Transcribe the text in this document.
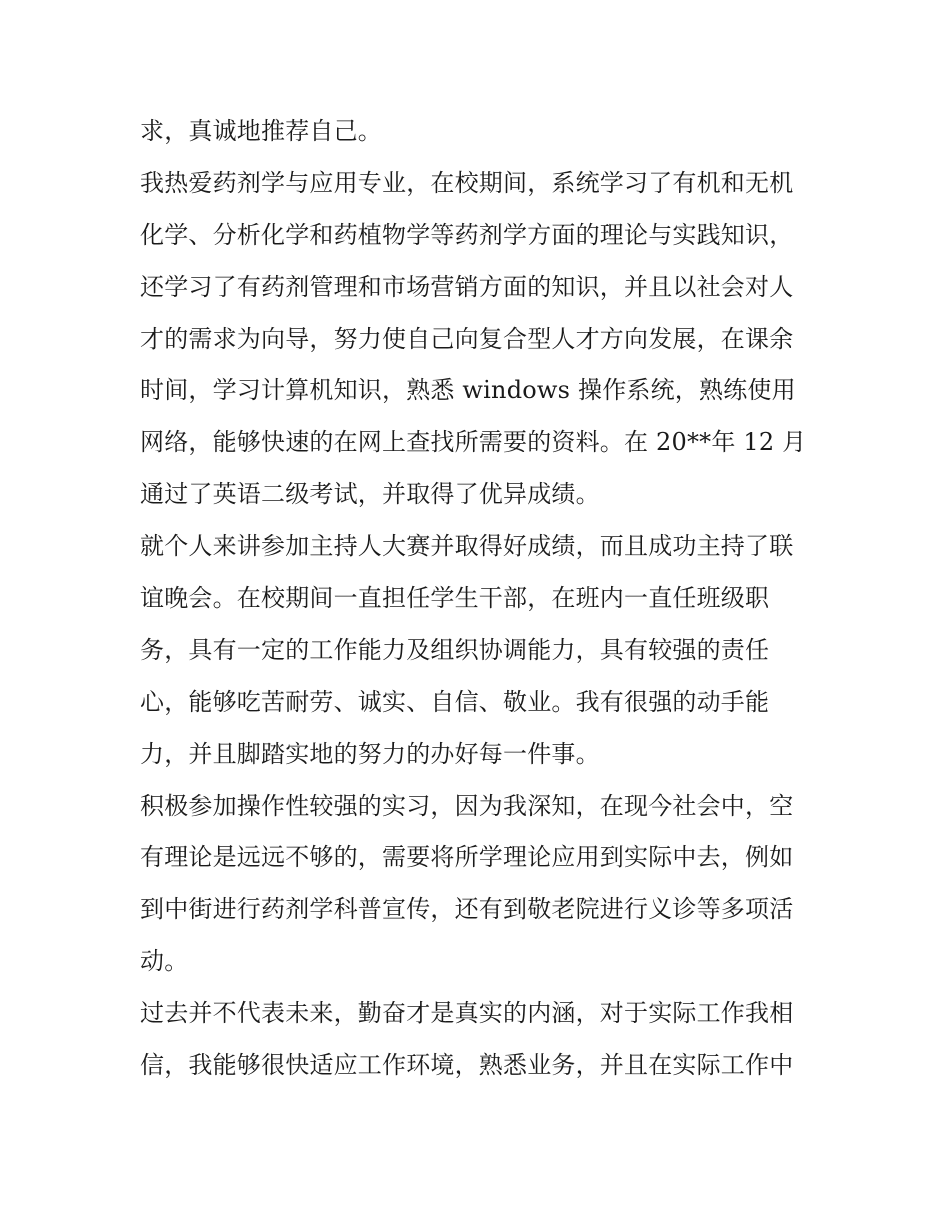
求，真诚地推荐自己。
我热爱药剂学与应用专业，在校期间，系统学习了有机和无机
化学、分析化学和药植物学等药剂学方面的理论与实践知识，
还学习了有药剂管理和市场营销方面的知识，并且以社会对人
才的需求为向导，努力使自己向复合型人才方向发展，在课余
时间，学习计算机知识，熟悉 windows 操作系统，熟练使用
网络，能够快速的在网上查找所需要的资料。在 20**年 12 月
通过了英语二级考试，并取得了优异成绩。
就个人来讲参加主持人大赛并取得好成绩，而且成功主持了联
谊晚会。在校期间一直担任学生干部，在班内一直任班级职
务，具有一定的工作能力及组织协调能力，具有较强的责任
心，能够吃苦耐劳、诚实、自信、敬业。我有很强的动手能
力，并且脚踏实地的努力的办好每一件事。
积极参加操作性较强的实习，因为我深知，在现今社会中，空
有理论是远远不够的，需要将所学理论应用到实际中去，例如
到中街进行药剂学科普宣传，还有到敬老院进行义诊等多项活
动。
过去并不代表未来，勤奋才是真实的内涵，对于实际工作我相
信，我能够很快适应工作环境，熟悉业务，并且在实际工作中
